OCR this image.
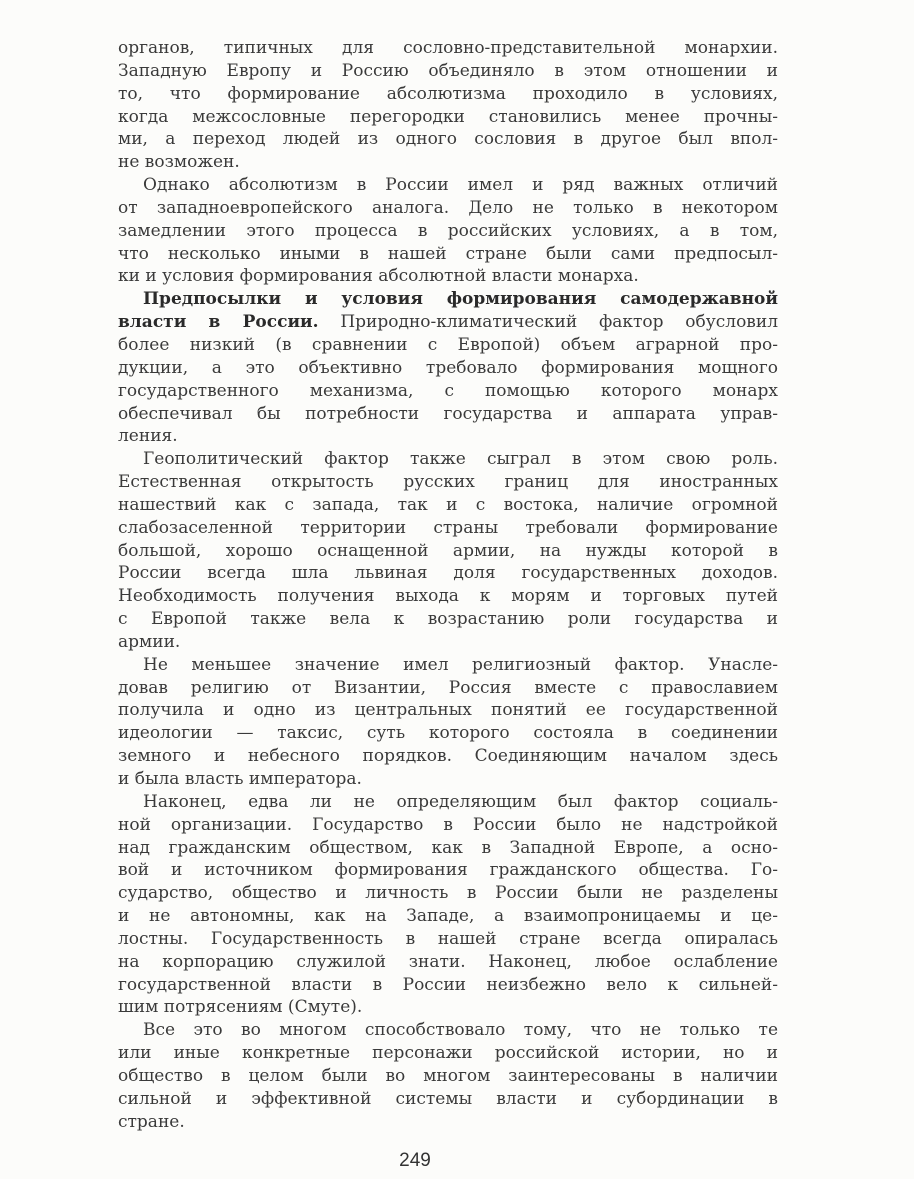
органов, типичных для сословно-представительной монархии.
Западную Европу и Россию объединяло в этом отношении и
то, что формирование абсолютизма проходило в условиях,
когда межсословные перегородки становились менее прочны-
ми, а переход людей из одного сословия в другое был впол-
не возможен.
Однако абсолютизм в России имел и ряд важных отличий
от западноевропейского аналога. Дело не только в некотором
замедлении этого процесса в российских условиях, а в том,
что несколько иными в нашей стране были сами предпосыл-
ки и условия формирования абсолютной власти монарха.
Предпосылки и условия формирования самодержавной
власти в России. Природно-климатический фактор обусловил
более низкий (в сравнении с Европой) объем аграрной про-
дукции, а это объективно требовало формирования мощного
государственного механизма, с помощью которого монарх
обеспечивал бы потребности государства и аппарата управ-
ления.
Геополитический фактор также сыграл в этом свою роль.
Естественная открытость русских границ для иностранных
нашествий как с запада, так и с востока, наличие огромной
слабозаселенной территории страны требовали формирование
большой, хорошо оснащенной армии, на нужды которой в
России всегда шла львиная доля государственных доходов.
Необходимость получения выхода к морям и торговых путей
с Европой также вела к возрастанию роли государства и
армии.
Не меньшее значение имел религиозный фактор. Унасле-
довав религию от Византии, Россия вместе с православием
получила и одно из центральных понятий ее государственной
идеологии — таксис, суть которого состояла в соединении
земного и небесного порядков. Соединяющим началом здесь
и была власть императора.
Наконец, едва ли не определяющим был фактор социаль-
ной организации. Государство в России было не надстройкой
над гражданским обществом, как в Западной Европе, а осно-
вой и источником формирования гражданского общества. Го-
сударство, общество и личность в России были не разделены
и не автономны, как на Западе, а взаимопроницаемы и це-
лостны. Государственность в нашей стране всегда опиралась
на корпорацию служилой знати. Наконец, любое ослабление
государственной власти в России неизбежно вело к сильней-
шим потрясениям (Смуте).
Все это во многом способствовало тому, что не только те
или иные конкретные персонажи российской истории, но и
общество в целом были во многом заинтересованы в наличии
сильной и эффективной системы власти и субординации в
стране.
249
